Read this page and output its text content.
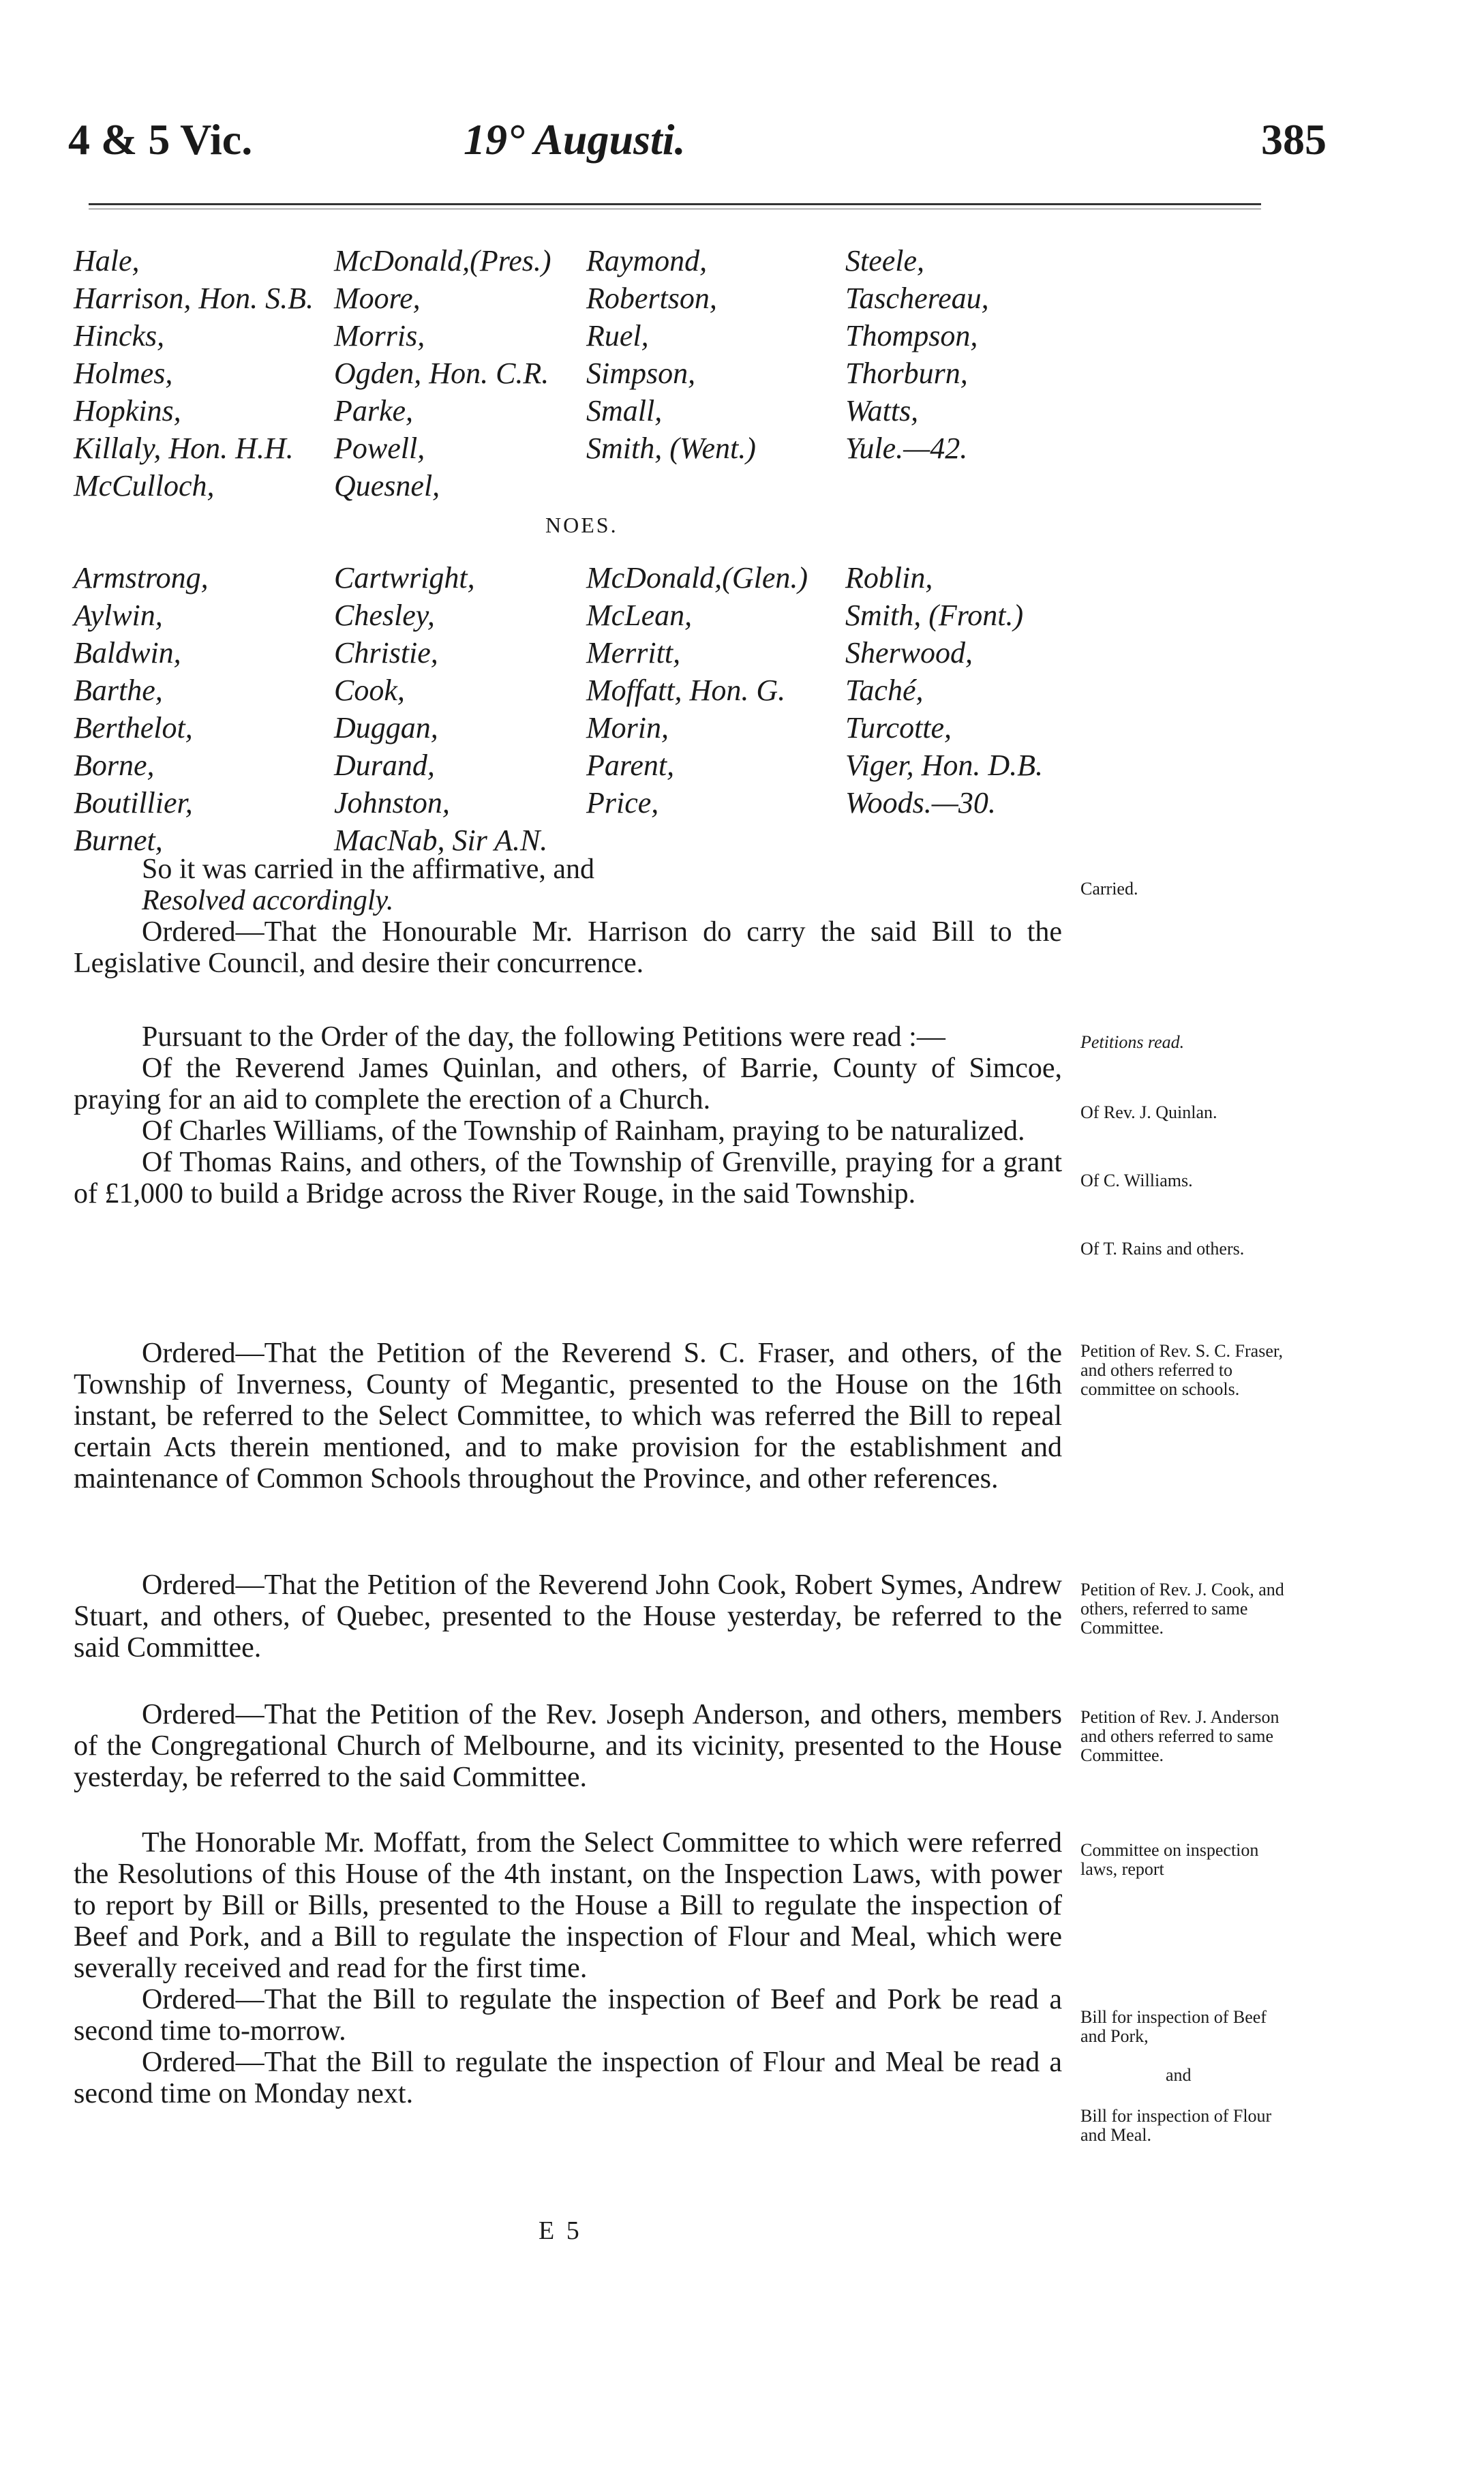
4 & 5 Vic.	19° Augusti.	385
Hale,
Harrison, Hon. S.B.
Hincks,
Holmes,
Hopkins,
Killaly, Hon. H.H.
McCulloch,
McDonald,(Pres.)
Moore,
Morris,
Ogden, Hon. C.R.
Parke,
Powell,
Quesnel,
Raymond,
Robertson,
Ruel,
Simpson,
Small,
Smith, (Went.)
Steele,
Taschereau,
Thompson,
Thorburn,
Watts,
Yule.—42.
NOES.
Armstrong,
Aylwin,
Baldwin,
Barthe,
Berthelot,
Borne,
Boutillier,
Burnet,
Cartwright,
Chesley,
Christie,
Cook,
Duggan,
Durand,
Johnston,
MacNab, Sir A.N.
McDonald,(Glen.)
McLean,
Merritt,
Moffatt, Hon. G.
Morin,
Parent,
Price,
Roblin,
Smith, (Front.)
Sherwood,
Taché,
Turcotte,
Viger, Hon. D.B.
Woods.—30.
So it was carried in the affirmative, and
Resolved accordingly.
Ordered—That the Honourable Mr. Harrison do carry the said Bill to the Legislative Council, and desire their concurrence.
Pursuant to the Order of the day, the following Petitions were read :—
Of the Reverend James Quinlan, and others, of Barrie, County of Simcoe, praying for an aid to complete the erection of a Church.
Of Charles Williams, of the Township of Rainham, praying to be naturalized.
Of Thomas Rains, and others, of the Township of Grenville, praying for a grant of £1,000 to build a Bridge across the River Rouge, in the said Township.
Ordered—That the Petition of the Reverend S. C. Fraser, and others, of the Township of Inverness, County of Megantic, presented to the House on the 16th instant, be referred to the Select Committee, to which was referred the Bill to repeal certain Acts therein mentioned, and to make provision for the establishment and maintenance of Common Schools throughout the Province, and other references.
Ordered—That the Petition of the Reverend John Cook, Robert Symes, Andrew Stuart, and others, of Quebec, presented to the House yesterday, be referred to the said Committee.
Ordered—That the Petition of the Rev. Joseph Anderson, and others, members of the Congregational Church of Melbourne, and its vicinity, presented to the House yesterday, be referred to the said Committee.
The Honorable Mr. Moffatt, from the Select Committee to which were referred the Resolutions of this House of the 4th instant, on the Inspection Laws, with power to report by Bill or Bills, presented to the House a Bill to regulate the inspection of Beef and Pork, and a Bill to regulate the inspection of Flour and Meal, which were severally received and read for the first time.
Ordered—That the Bill to regulate the inspection of Beef and Pork be read a second time to-morrow.
Ordered—That the Bill to regulate the inspection of Flour and Meal be read a second time on Monday next.
Carried.
Petitions read.
Of Rev. J. Quinlan.
Of C. Williams.
Of T. Rains and others.
Petition of Rev. S. C. Fraser, and others referred to committee on schools.
Petition of Rev. J. Cook, and others, referred to same Committee.
Petition of Rev. J. Anderson and others referred to same Committee.
Committee on inspection laws, report
Bill for inspection of Beef and Pork,
and
Bill for inspection of Flour and Meal.
E 5
